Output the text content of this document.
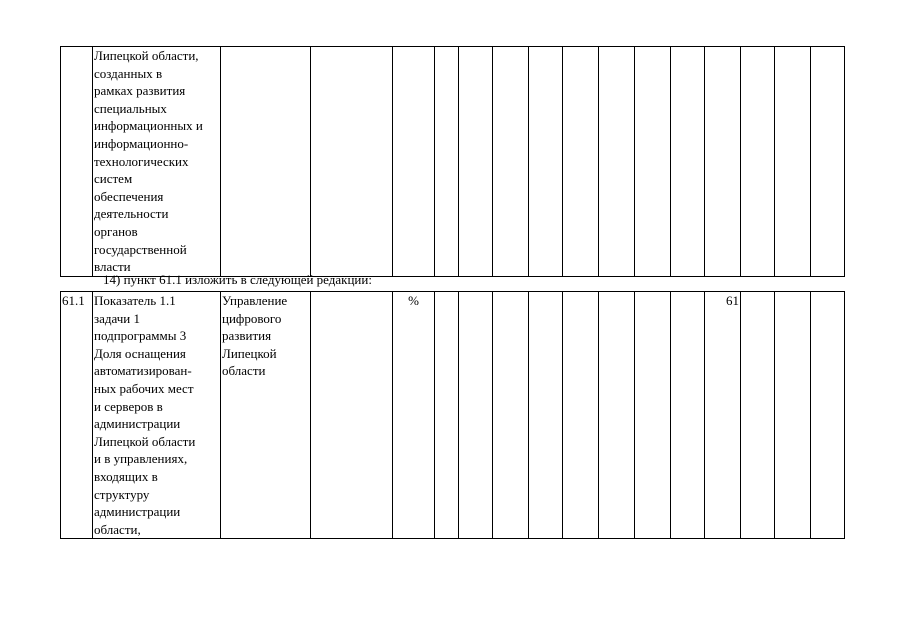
	Липецкой области,
созданных в
рамках развития
специальных
информационных и
информационно-
технологических
систем
обеспечения
деятельности
органов
государственной
власти															
14) пункт 61.1 изложить в следующей редакции:
61.1	Показатель 1.1
задачи 1
подпрограммы 3
Доля оснащения
автоматизирован-
ных рабочих мест
и серверов в
администрации
Липецкой области
и в управлениях,
входящих в
структуру
администрации
области,	Управление
цифрового
развития
Липецкой
области		%									61			
